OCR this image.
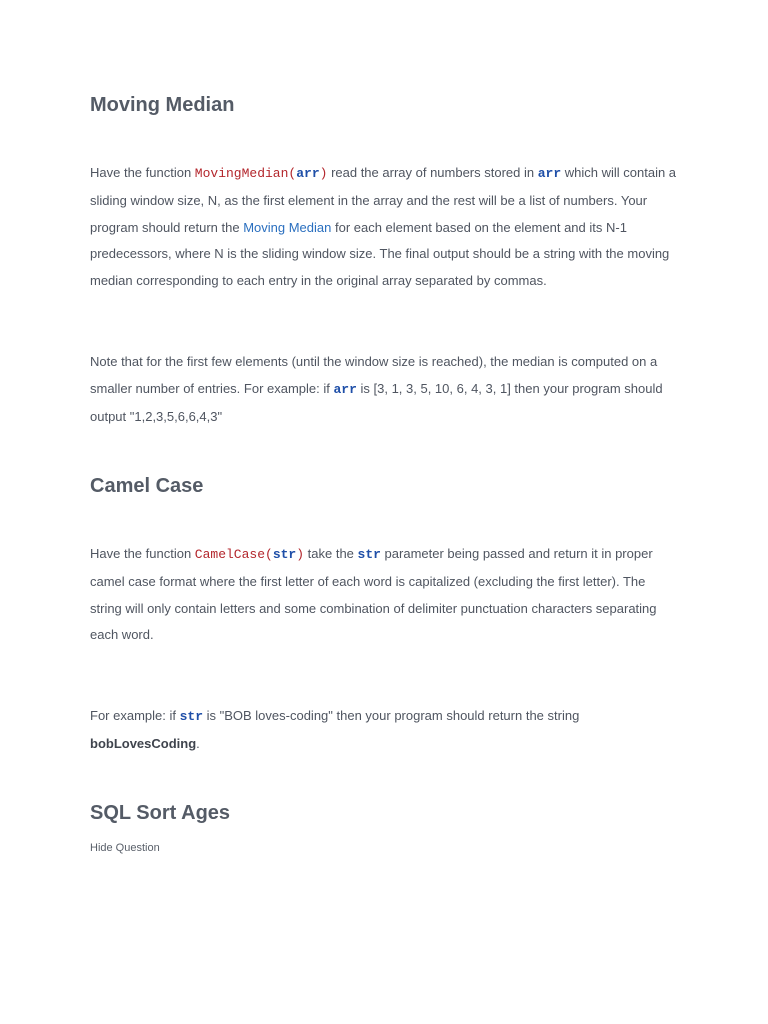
Moving Median

Have the function MovingMedian(arr) read the array of numbers stored in arr which will contain a sliding window size, N, as the first element in the array and the rest will be a list of numbers. Your program should return the Moving Median for each element based on the element and its N-1 predecessors, where N is the sliding window size. The final output should be a string with the moving median corresponding to each entry in the original array separated by commas.

Note that for the first few elements (until the window size is reached), the median is computed on a smaller number of entries. For example: if arr is [3, 1, 3, 5, 10, 6, 4, 3, 1] then your program should output "1,2,3,5,6,6,4,3"

Camel Case

Have the function CamelCase(str) take the str parameter being passed and return it in proper camel case format where the first letter of each word is capitalized (excluding the first letter). The string will only contain letters and some combination of delimiter punctuation characters separating each word.

For example: if str is "BOB loves-coding" then your program should return the string bobLovesCoding.

SQL Sort Ages
Hide Question
